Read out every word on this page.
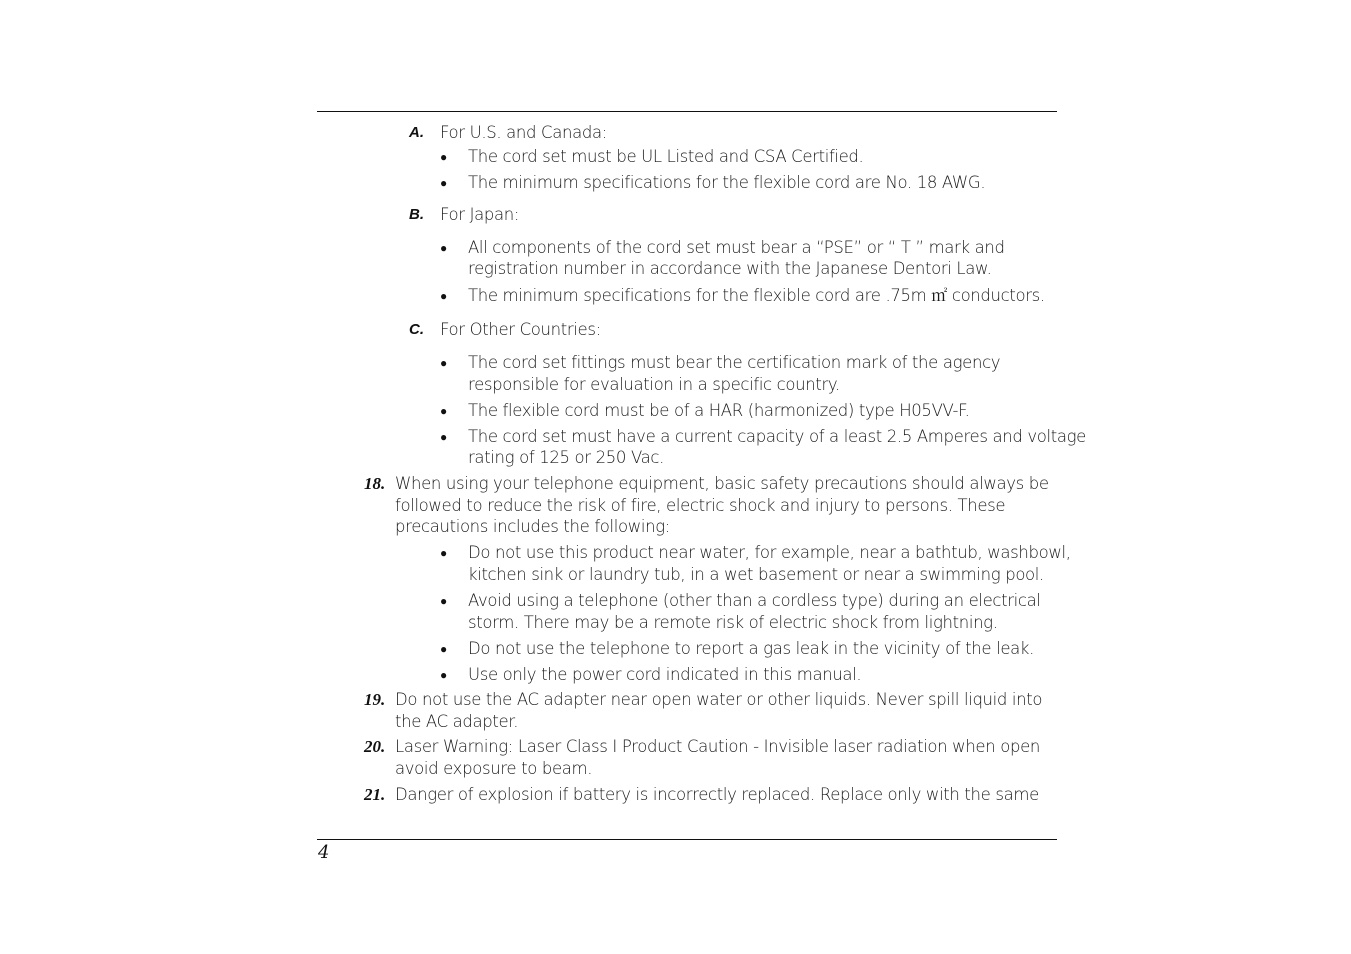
A. For U.S. and Canada:
● The cord set must be UL Listed and CSA Certified.
● The minimum specifications for the flexible cord are No. 18 AWG.
B. For Japan:
● All components of the cord set must bear a “PSE” or “ T ” mark and
registration number in accordance with the Japanese Dentori Law.
● The minimum specifications for the flexible cord are .75m ㎡ conductors.
C. For Other Countries:
● The cord set fittings must bear the certification mark of the agency
responsible for evaluation in a specific country.
● The flexible cord must be of a HAR (harmonized) type H05VV-F.
● The cord set must have a current capacity of a least 2.5 Amperes and voltage
rating of 125 or 250 Vac.
18. When using your telephone equipment, basic safety precautions should always be
followed to reduce the risk of fire, electric shock and injury to persons. These
precautions includes the following:
● Do not use this product near water, for example, near a bathtub, washbowl,
kitchen sink or laundry tub, in a wet basement or near a swimming pool.
● Avoid using a telephone (other than a cordless type) during an electrical
storm. There may be a remote risk of electric shock from lightning.
● Do not use the telephone to report a gas leak in the vicinity of the leak.
● Use only the power cord indicated in this manual.
19. Do not use the AC adapter near open water or other liquids. Never spill liquid into
the AC adapter.
20. Laser Warning: Laser Class I Product Caution - Invisible laser radiation when open
avoid exposure to beam.
21. Danger of explosion if battery is incorrectly replaced. Replace only with the same
4
